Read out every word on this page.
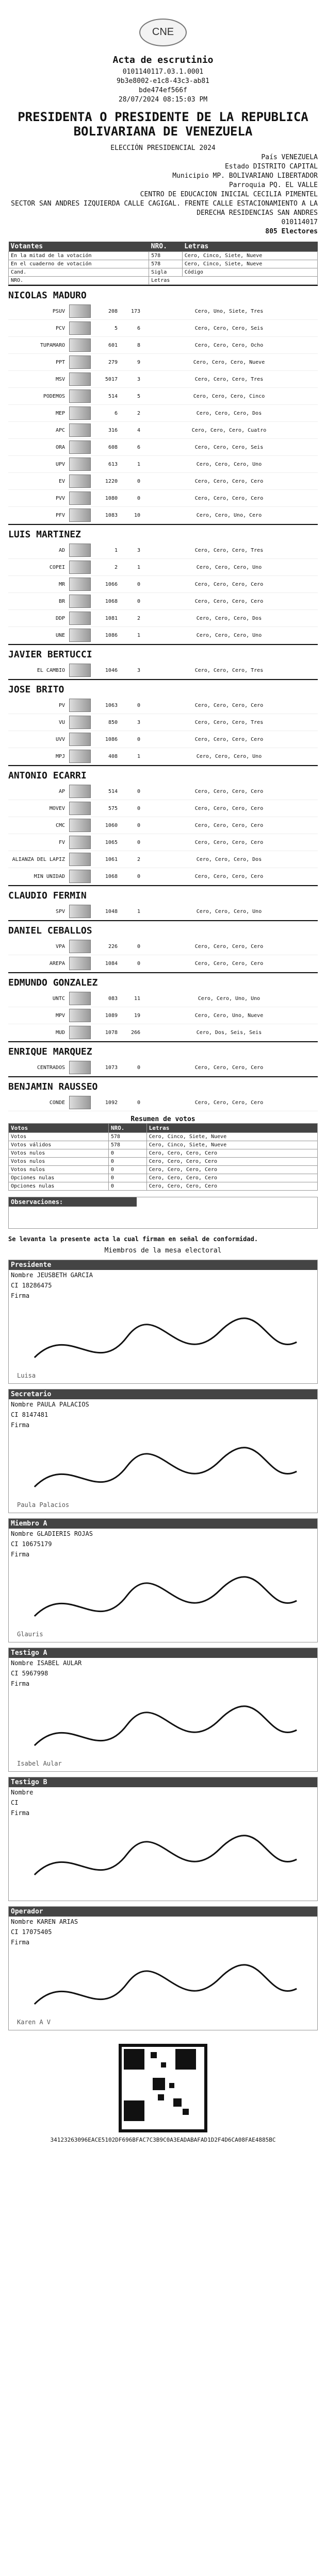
CNE
Acta de escrutinio
0101140117.03.1.0001
9b3e8002-e1c8-43c3-ab81
bde474ef566f
28/07/2024 08:15:03 PM
PRESIDENTA O PRESIDENTE DE LA REPUBLICA BOLIVARIANA DE VENEZUELA
ELECCIÓN PRESIDENCIAL 2024
País VENEZUELA
Estado DISTRITO CAPITAL
Municipio MP. BOLIVARIANO LIBERTADOR
Parroquia PQ. EL VALLE
CENTRO DE EDUCACION INICIAL CECILIA PIMENTEL
SECTOR SAN ANDRES IZQUIERDA CALLE CAGIGAL. FRENTE CALLE ESTACIONAMIENTO A LA DERECHA RESIDENCIAS SAN ANDRES
010114017
805 Electores
Votantes	NRO.	Letras
En la mitad de la votación	578	Cero, Cinco, Siete, Nueve
En el cuaderno de votación	578	Cero, Cinco, Siete, Nueve
Cand.	Sigla	Código
NRO.	Letras	
NICOLAS MADURO
PSUV	208	173	Cero, Uno, Siete, Tres
PCV	5	6	Cero, Cero, Cero, Seis
TUPAMARO	601	8	Cero, Cero, Cero, Ocho
PPT	279	9	Cero, Cero, Cero, Nueve
MSV	5017	3	Cero, Cero, Cero, Tres
PODEMOS	514	5	Cero, Cero, Cero, Cinco
MEP	6	2	Cero, Cero, Cero, Dos
APC	316	4	Cero, Cero, Cero, Cuatro
ORA	608	6	Cero, Cero, Cero, Seis
UPV	613	1	Cero, Cero, Cero, Uno
EV	1220	0	Cero, Cero, Cero, Cero
PVV	1080	0	Cero, Cero, Cero, Cero
PFV	1083	10	Cero, Cero, Uno, Cero
LUIS MARTINEZ
AD	1	3	Cero, Cero, Cero, Tres
COPEI	2	1	Cero, Cero, Cero, Uno
MR	1066	0	Cero, Cero, Cero, Cero
BR	1068	0	Cero, Cero, Cero, Cero
DDP	1081	2	Cero, Cero, Cero, Dos
UNE	1086	1	Cero, Cero, Cero, Uno
JAVIER BERTUCCI
EL CAMBIO	1046	3	Cero, Cero, Cero, Tres
JOSE BRITO
PV	1063	0	Cero, Cero, Cero, Cero
VU	850	3	Cero, Cero, Cero, Tres
UVV	1086	0	Cero, Cero, Cero, Cero
MPJ	408	1	Cero, Cero, Cero, Uno
ANTONIO ECARRI
AP	514	0	Cero, Cero, Cero, Cero
MOVEV	575	0	Cero, Cero, Cero, Cero
CMC	1060	0	Cero, Cero, Cero, Cero
FV	1065	0	Cero, Cero, Cero, Cero
ALIANZA DEL LAPIZ	1061	2	Cero, Cero, Cero, Dos
MIN UNIDAD	1068	0	Cero, Cero, Cero, Cero
CLAUDIO FERMIN
SPV	1048	1	Cero, Cero, Cero, Uno
DANIEL CEBALLOS
VPA	226	0	Cero, Cero, Cero, Cero
AREPA	1084	0	Cero, Cero, Cero, Cero
EDMUNDO GONZALEZ
UNTC	083	11	Cero, Cero, Uno, Uno
MPV	1089	19	Cero, Cero, Uno, Nueve
MUD	1078	266	Cero, Dos, Seis, Seis
ENRIQUE MARQUEZ
CENTRADOS	1073	0	Cero, Cero, Cero, Cero
BENJAMIN RAUSSEO
CONDE	1092	0	Cero, Cero, Cero, Cero
Resumen de votos
Votos	NRO.	Letras
Votos	578	Cero, Cinco, Siete, Nueve
Votos válidos	578	Cero, Cinco, Siete, Nueve
Votos nulos	0	Cero, Cero, Cero, Cero
Votos nulos	0	Cero, Cero, Cero, Cero
Votos nulos	0	Cero, Cero, Cero, Cero
Opciones nulas	0	Cero, Cero, Cero, Cero
Opciones nulas	0	Cero, Cero, Cero, Cero
Observaciones:
Se levanta la presente acta la cual firman en señal de conformidad.
Miembros de la mesa electoral
Presidente
Nombre JEUSBETH GARCIA
CI 18286475
Firma
Luisa
Secretario
Nombre PAULA PALACIOS
CI 8147481
Firma
Paula Palacios
Miembro A
Nombre GLADIERIS ROJAS
CI 10675179
Firma
Glauris
Testigo A
Nombre ISABEL AULAR
CI 5967998
Firma
Isabel Aular
Testigo B
Nombre
CI
Firma
Operador
Nombre KAREN ARIAS
CI 17075405
Firma
Karen A V
34123263096EACE5102DF696BFAC7C3B9C0A3EADABAFAD1D2F4D6CA08FAE4885BC
